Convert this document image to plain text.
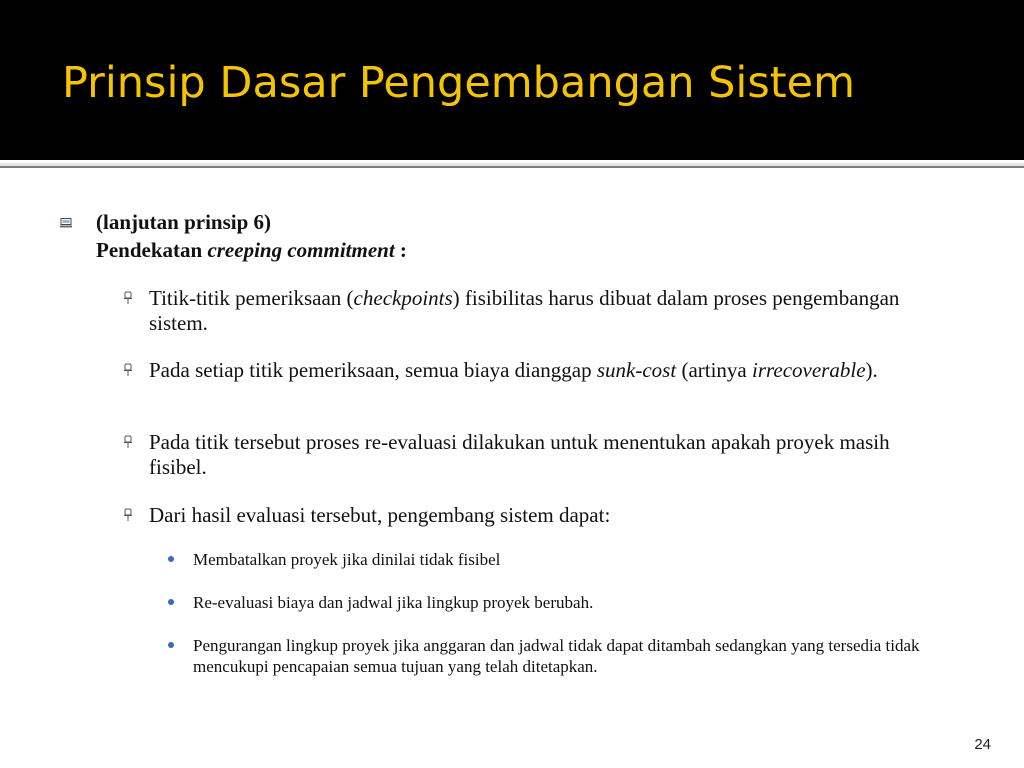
Prinsip Dasar Pengembangan Sistem
(lanjutan prinsip 6)
Pendekatan creeping commitment :
Titik-titik pemeriksaan (checkpoints) fisibilitas harus dibuat dalam proses pengembangan sistem.
Pada setiap titik pemeriksaan, semua biaya dianggap sunk-cost (artinya irrecoverable).
Pada titik tersebut proses re-evaluasi dilakukan untuk menentukan apakah proyek masih fisibel.
Dari hasil evaluasi tersebut, pengembang sistem dapat:
Membatalkan proyek jika dinilai tidak fisibel
Re-evaluasi biaya dan jadwal jika lingkup proyek berubah.
Pengurangan lingkup proyek jika anggaran dan jadwal tidak dapat ditambah sedangkan yang tersedia tidak mencukupi pencapaian semua tujuan yang telah ditetapkan.
24
